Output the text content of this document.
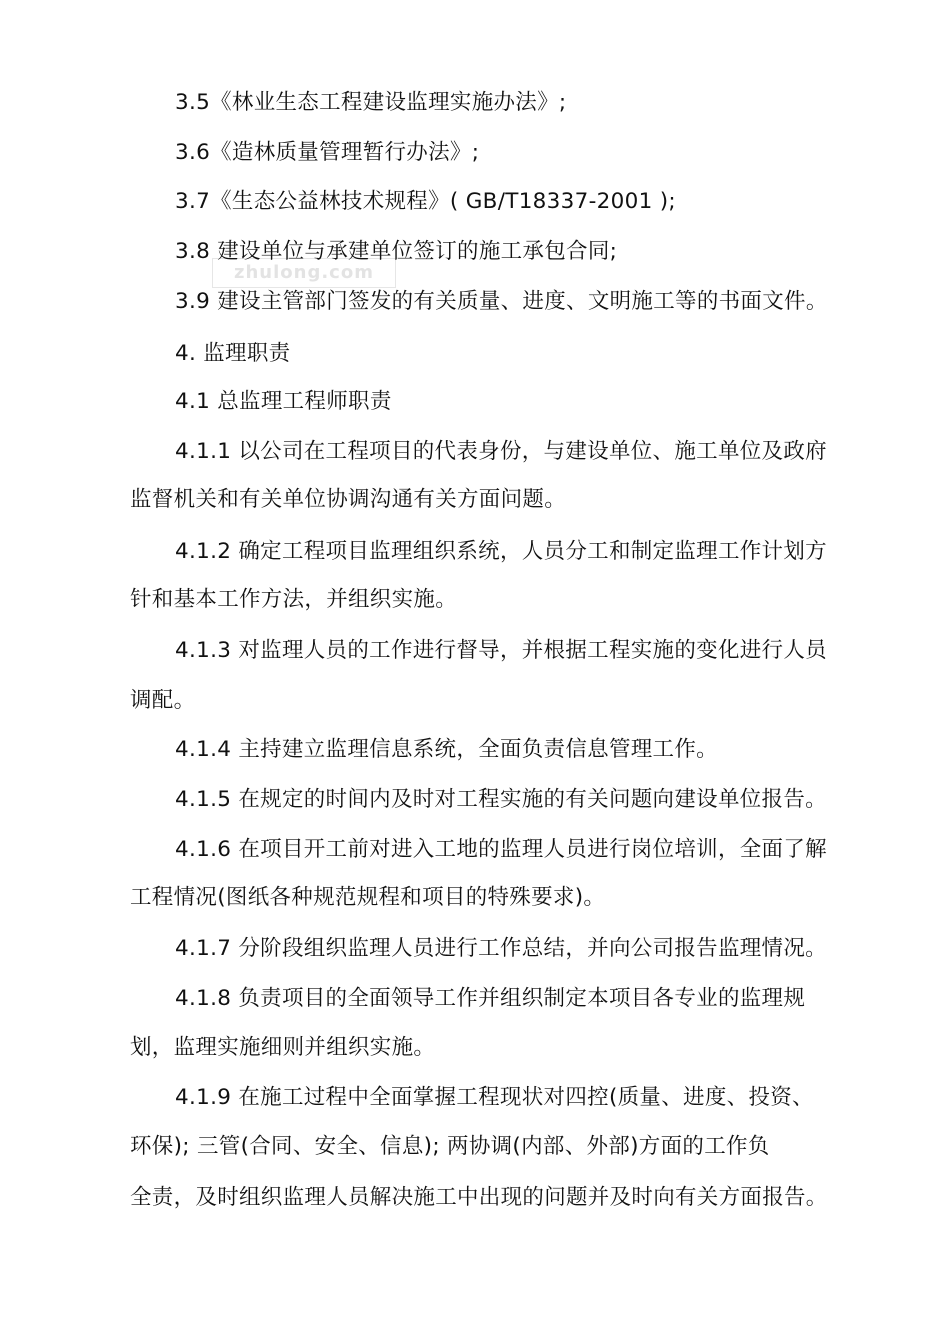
zhulong.com
3.5《林业生态工程建设监理实施办法》;
3.6《造林质量管理暂行办法》;
3.7《生态公益林技术规程》( GB/T18337-2001 );
3.8 建设单位与承建单位签订的施工承包合同;
3.9 建设主管部门签发的有关质量、进度、文明施工等的书面文件。
4. 监理职责
4.1 总监理工程师职责
4.1.1 以公司在工程项目的代表身份，与建设单位、施工单位及政府
监督机关和有关单位协调沟通有关方面问题。
4.1.2 确定工程项目监理组织系统，人员分工和制定监理工作计划方
针和基本工作方法，并组织实施。
4.1.3 对监理人员的工作进行督导，并根据工程实施的变化进行人员
调配。
4.1.4 主持建立监理信息系统，全面负责信息管理工作。
4.1.5 在规定的时间内及时对工程实施的有关问题向建设单位报告。
4.1.6 在项目开工前对进入工地的监理人员进行岗位培训，全面了解
工程情况(图纸各种规范规程和项目的特殊要求)。
4.1.7 分阶段组织监理人员进行工作总结，并向公司报告监理情况。
4.1.8 负责项目的全面领导工作并组织制定本项目各专业的监理规
划，监理实施细则并组织实施。
4.1.9 在施工过程中全面掌握工程现状对四控(质量、进度、投资、
环保); 三管(合同、安全、信息); 两协调(内部、外部)方面的工作负
全责，及时组织监理人员解决施工中出现的问题并及时向有关方面报告。
